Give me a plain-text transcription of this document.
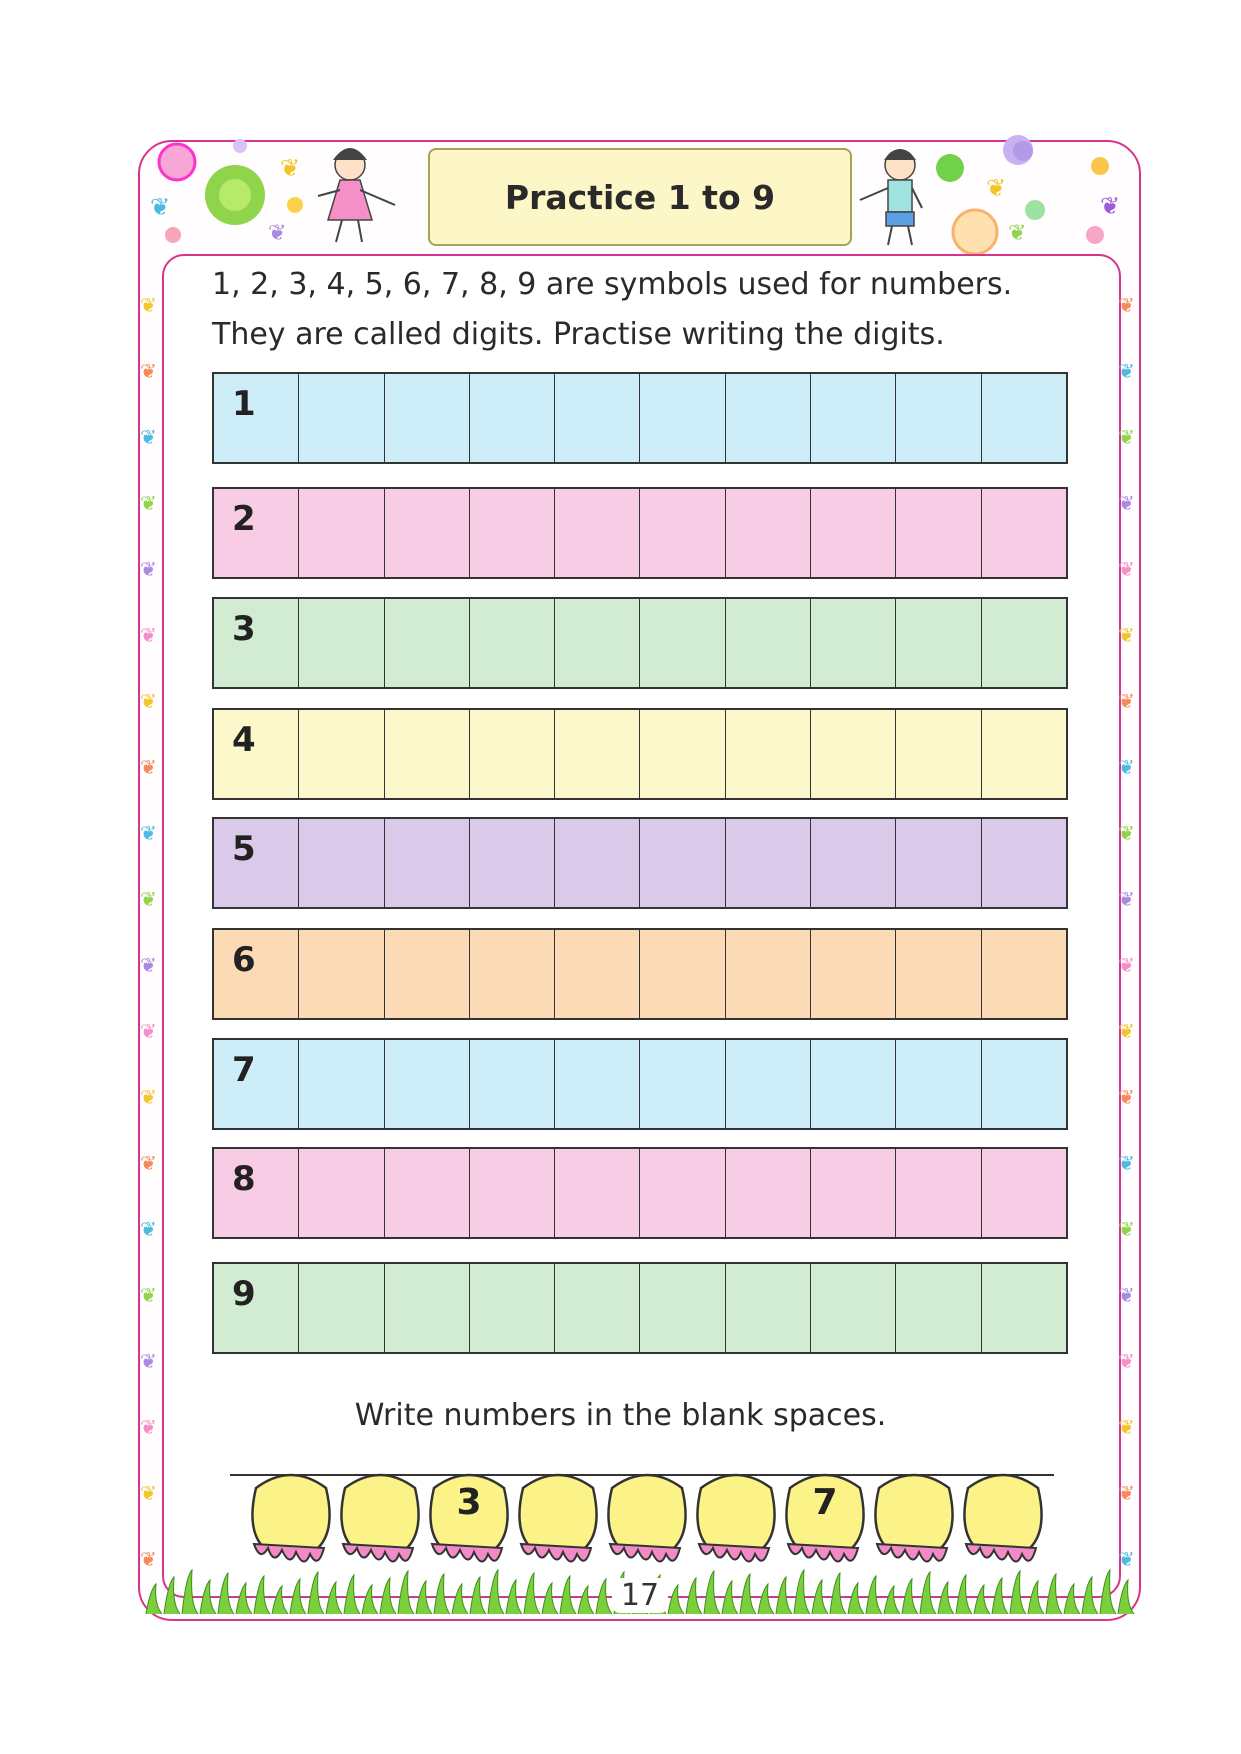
❦
❦
❦
❦
❦
❦
❦	❦
❦	❦
❦	❦
❦	❦
❦	❦
❦	❦
❦	❦
❦	❦
❦	❦
❦	❦
❦	❦
❦	❦
❦	❦
❦	❦
❦	❦
❦	❦
❦	❦
❦	❦
❦	❦
❦	❦
Practice 1 to 9
1, 2, 3, 4, 5, 6, 7, 8, 9 are symbols used for numbers. They are called digits. Practise writing the digits.
1
2
3
4
5
6
7
8
9
Write numbers in the blank spaces.
3	7
17
